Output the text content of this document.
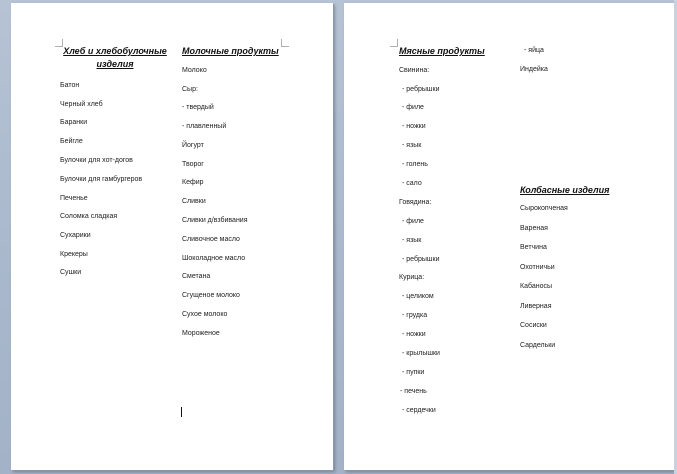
Хлеб и хлебобулочные изделия
Батон
Черный хлеб
Баранки
Бейгле
Булочки для хот-догов
Булочки для гамбургеров
Печенье
Соломка сладкая
Сухарики
Крекеры
Сушки
Молочные продукты
Молоко
Сыр:
- твердый
- плавленный
Йогурт
Творог
Кефир
Сливки
Сливки д/взбивания
Сливочное масло
Шоколадное масло
Сметана
Сгущеное молоко
Сухое молоко
Мороженое
Мясные продукты
Свинина:
- ребрышки
- филе
- ножки
- язык
- голень
- сало
Говядина:
- филе
- язык
- ребрышки
Курица:
- целиком
- грудка
- ножки
- крылышки
- пупки
- печень
- сердечки
- яйца
Индейка
Колбасные изделия
Сырокопченая
Вареная
Ветчина
Охотничьи
Кабаносы
Ливерная
Сосиски
Сардельки
